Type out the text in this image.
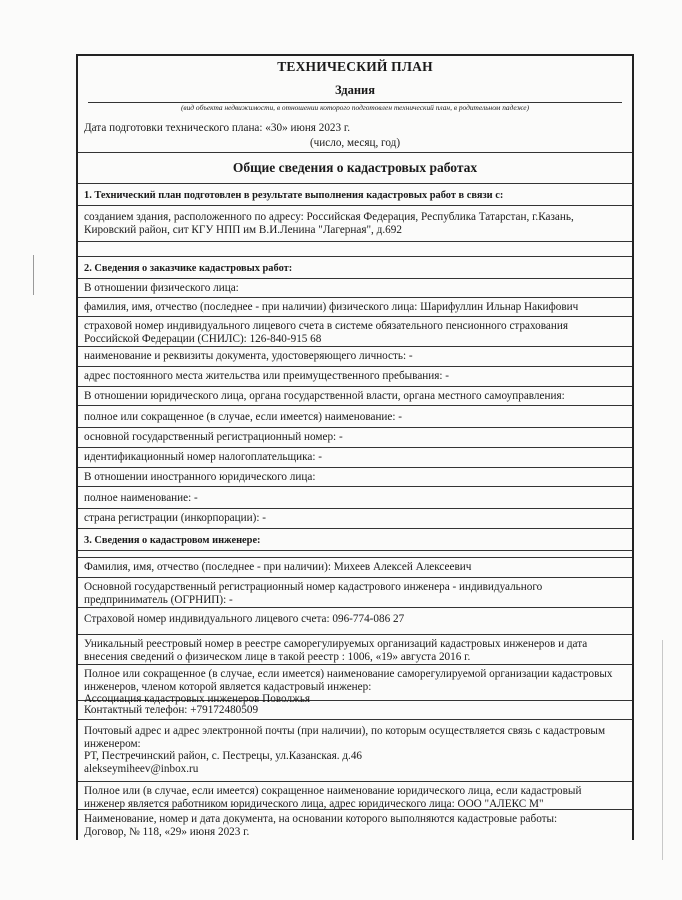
ТЕХНИЧЕСКИЙ ПЛАН
Здания
(вид объекта недвижимости, в отношении которого подготовлен технический план, в родительном падеже)
Дата подготовки технического плана: «30» июня 2023 г.
(число, месяц, год)
Общие сведения о кадастровых работах
1. Технический план подготовлен в результате выполнения кадастровых работ в связи с:
созданием здания, расположенного по адресу: Российская Федерация, Республика Татарстан, г.Казань,
Кировский район, сит КГУ НПП им В.И.Ленина "Лагерная", д.692
2. Сведения о заказчике кадастровых работ:
В отношении физического лица:
фамилия, имя, отчество (последнее - при наличии) физического лица: Шарифуллин Ильнар Накифович
страховой номер индивидуального лицевого счета в системе обязательного пенсионного страхования
Российской Федерации (СНИЛС): 126-840-915 68
наименование и реквизиты документа, удостоверяющего личность: -
адрес постоянного места жительства или преимущественного пребывания: -
В отношении юридического лица, органа государственной власти, органа местного самоуправления:
полное или сокращенное (в случае, если имеется) наименование: -
основной государственный регистрационный номер: -
идентификационный номер налогоплательщика: -
В отношении иностранного юридического лица:
полное наименование: -
страна регистрации (инкорпорации): -
3. Сведения о кадастровом инженере:
Фамилия, имя, отчество (последнее - при наличии): Михеев Алексей Алексеевич
Основной государственный регистрационный номер кадастрового инженера - индивидуального
предприниматель (ОГРНИП): -
Страховой номер индивидуального лицевого счета: 096-774-086 27
Уникальный реестровый номер в реестре саморегулируемых организаций кадастровых инженеров и дата
внесения сведений о физическом лице в такой реестр : 1006, «19» августа 2016 г.
Полное или сокращенное (в случае, если имеется) наименование саморегулируемой организации кадастровых
инженеров, членом которой является кадастровый инженер:
Ассоциация кадастровых инженеров Поволжья
Контактный телефон: +79172480509
Почтовый адрес и адрес электронной почты (при наличии), по которым осуществляется связь с кадастровым
инженером:
РТ, Пестречинский район, с. Пестрецы, ул.Казанская. д.46
alekseymiheev@inbox.ru
Полное или (в случае, если имеется) сокращенное наименование юридического лица, если кадастровый
инженер является работником юридического лица, адрес юридического лица: ООО "АЛЕКС М"
Наименование, номер и дата документа, на основании которого выполняются кадастровые работы:
Договор, № 118, «29» июня 2023 г.
